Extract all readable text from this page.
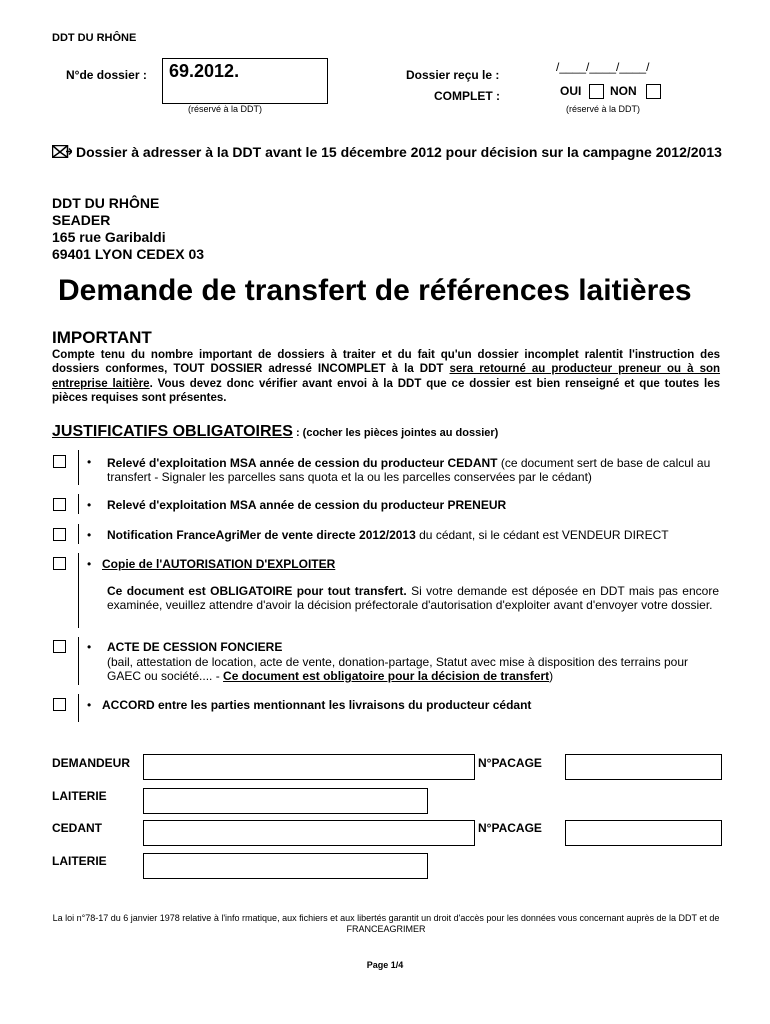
DDT DU RHÔNE
N°de dossier : 69.2012.
(réservé à la DDT)
Dossier reçu le :
/____/____/____/
COMPLET :	OUI NON
(réservé à la DDT)
Dossier à adresser à la DDT avant le 15 décembre 2012 pour décision sur la campagne 2012/2013
DDT DU RHÔNE
SEADER
165 rue Garibaldi
69401 LYON CEDEX 03
Demande de transfert de références laitières
IMPORTANT
Compte tenu du nombre important de dossiers à traiter et du fait qu'un dossier incomplet ralentit l'instruction des dossiers conformes, TOUT DOSSIER adressé INCOMPLET à la DDT sera retourné au producteur preneur ou à son entreprise laitière. Vous devez donc vérifier avant envoi à la DDT que ce dossier est bien renseigné et que toutes les pièces requises sont présentes.
JUSTIFICATIFS OBLIGATOIRES : (cocher les pièces jointes au dossier)
• Relevé d'exploitation MSA année de cession du producteur CEDANT (ce document sert de base de calcul au transfert - Signaler les parcelles sans quota et la ou les parcelles conservées par le cédant)
• Relevé d'exploitation MSA année de cession du producteur PRENEUR
• Notification FranceAgriMer de vente directe 2012/2013 du cédant, si le cédant est VENDEUR DIRECT
• Copie de l'AUTORISATION D'EXPLOITER
Ce document est OBLIGATOIRE pour tout transfert. Si votre demande est déposée en DDT mais pas encore examinée, veuillez attendre d'avoir la décision préfectorale d'autorisation d'exploiter avant d'envoyer votre dossier.
• ACTE DE CESSION FONCIERE
(bail, attestation de location, acte de vente, donation-partage, Statut avec mise à disposition des terrains pour GAEC ou société.... - Ce document est obligatoire pour la décision de transfert)
• ACCORD entre les parties mentionnant les livraisons du producteur cédant
DEMANDEUR	N°PACAGE
LAITERIE
CEDANT	N°PACAGE
LAITERIE
La loi n°78-17 du 6 janvier 1978 relative à l'info rmatique, aux fichiers et aux libertés garantit un droit d'accès pour les données vous concernant auprès de la DDT et de FRANCEAGRIMER
Page 1/4
